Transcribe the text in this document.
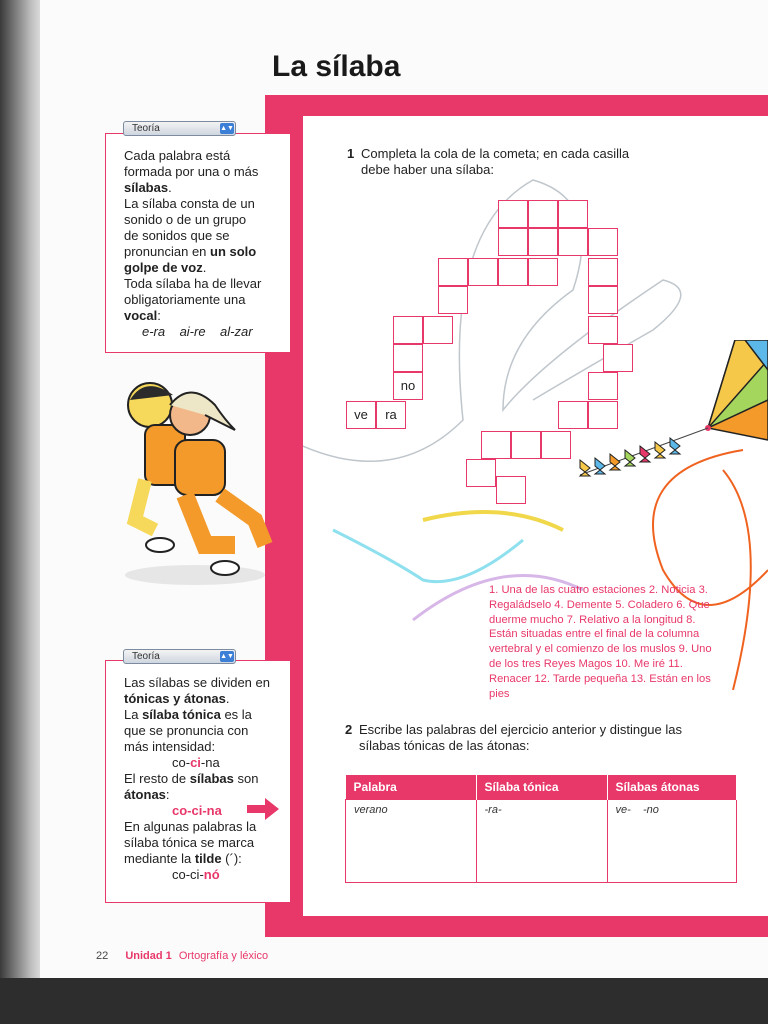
La sílaba
Cada palabra está
formada por una o más
sílabas.
La sílaba consta de un
sonido o de un grupo
de sonidos que se
pronuncian en un solo
golpe de voz.
Toda sílaba ha de llevar
obligatoriamente una
vocal:
e-ra    ai-re    al-zar
Teoría	▲▼
Las sílabas se dividen en
tónicas y átonas.
La sílaba tónica es la
que se pronuncia con
más intensidad:
co-ci-na
El resto de sílabas son
átonas:
co-ci-na
En algunas palabras la
sílaba tónica se marca
mediante la tilde (´):
co-ci-nó
Teoría	▲▼
1 Completa la cola de la cometa; en cada casilla
debe haber una sílaba:
no
ve	ra
1. Una de las cuatro estaciones 2. Noticia 3. Regaládselo 4. Demente 5. Coladero 6. Que duerme mucho 7. Relativo a la longitud 8. Están situadas entre el final de la columna vertebral y el comienzo de los muslos 9. Uno de los tres Reyes Magos 10. Me iré 11. Renacer 12. Tarde pequeña 13. Están en los pies
2 Escribe las palabras del ejercicio anterior y distingue las
sílabas tónicas de las átonas:
Palabra	Sílaba tónica	Sílabas átonas
verano	-ra-	ve-    -no
22 Unidad 1 Ortografía y léxico
